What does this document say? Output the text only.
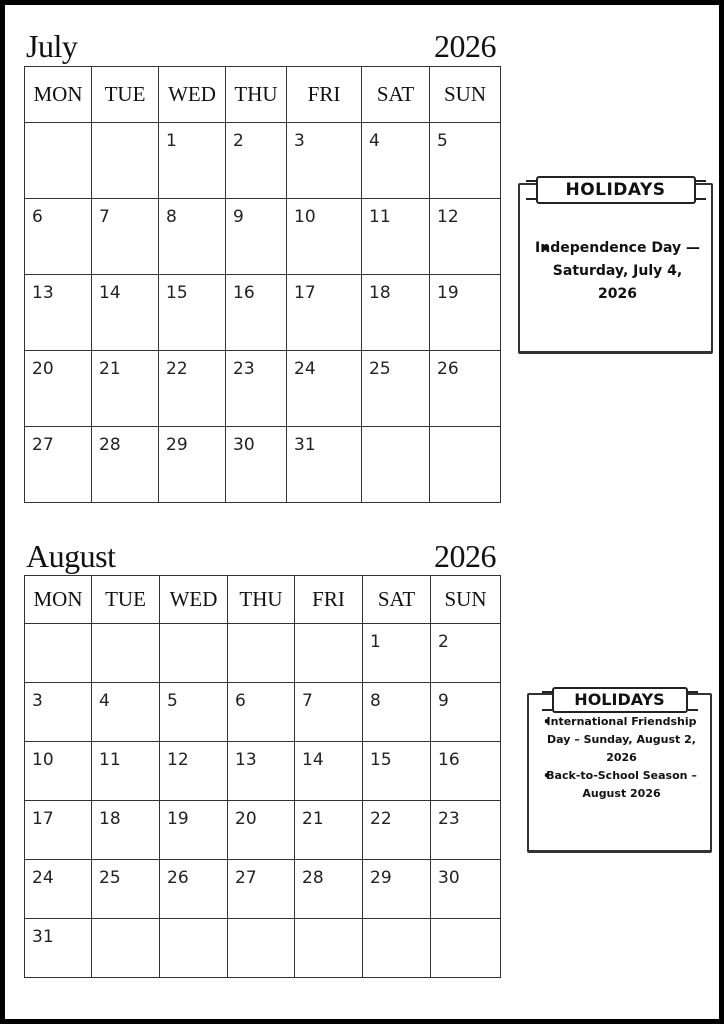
July	2026
MON	TUE	WED	THU	FRI	SAT	SUN

		1	2	3	4	5

6	7	8	9	10	11	12

13	14	15	16	17	18	19

20	21	22	23	24	25	26

27	28	29	30	31		

HOLIDAYS
• Independence Day — Saturday, July 4, 2026
August	2026
MON	TUE	WED	THU	FRI	SAT	SUN

					1	2

3	4	5	6	7	8	9

10	11	12	13	14	15	16

17	18	19	20	21	22	23

24	25	26	27	28	29	30

31						

HOLIDAYS
• International Friendship Day – Sunday, August 2, 2026
• Back-to-School Season – August 2026
